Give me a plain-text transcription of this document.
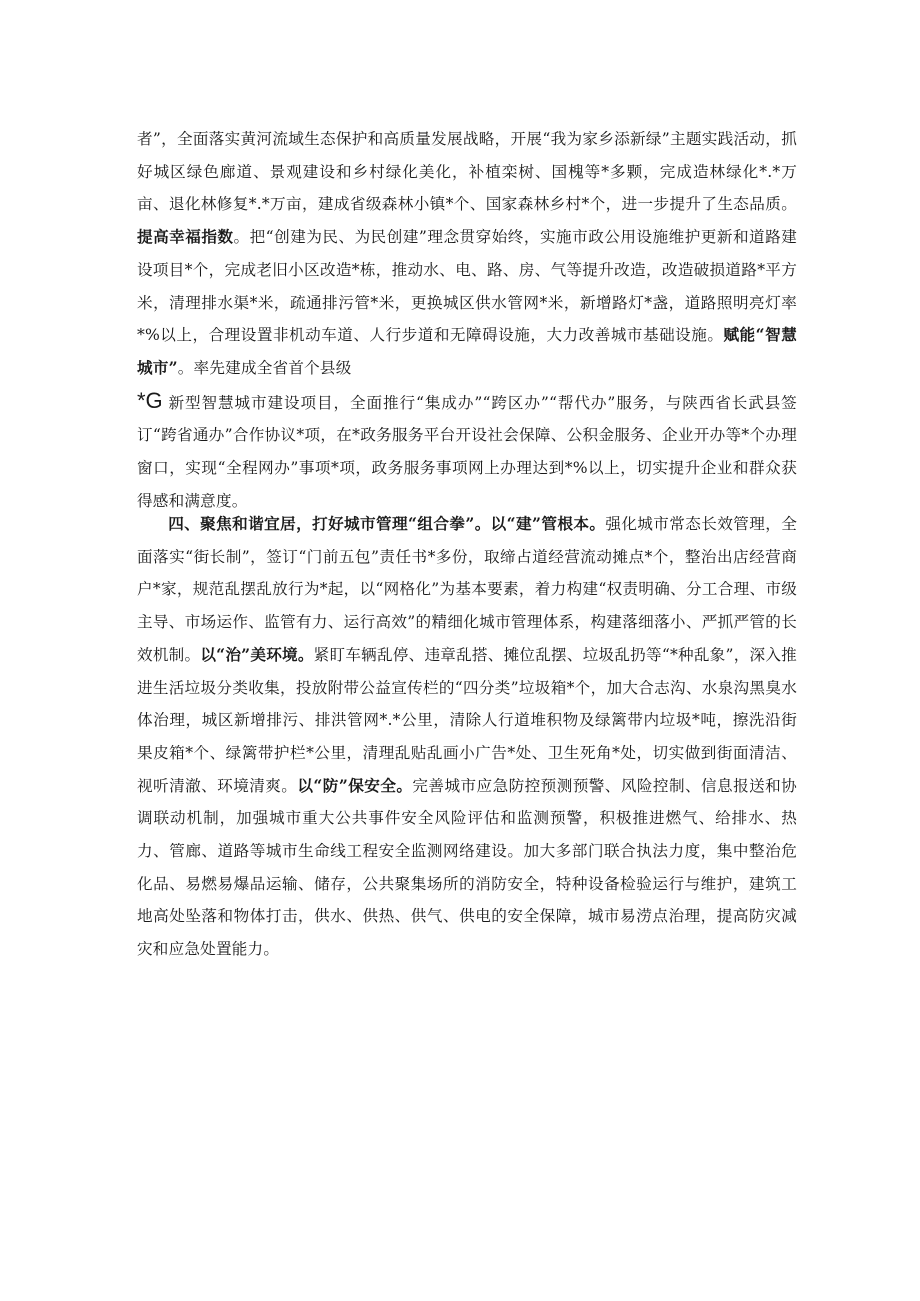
者”，全面落实黄河流域生态保护和高质量发展战略，开展“我为家乡添新绿”主题实践活动，抓好城区绿色廊道、景观建设和乡村绿化美化，补植栾树、国槐等*多颗，完成造林绿化*.*万亩、退化林修复*.*万亩，建成省级森林小镇*个、国家森林乡村*个，进一步提升了生态品质。提高幸福指数。把“创建为民、为民创建”理念贯穿始终，实施市政公用设施维护更新和道路建设项目*个，完成老旧小区改造*栋，推动水、电、路、房、气等提升改造，改造破损道路*平方米，清理排水渠*米，疏通排污管*米，更换城区供水管网*米，新增路灯*盏，道路照明亮灯率*%以上，合理设置非机动车道、人行步道和无障碍设施，大力改善城市基础设施。赋能“智慧城市”。率先建成全省首个县级
*G 新型智慧城市建设项目，全面推行“集成办”“跨区办”“帮代办”服务，与陕西省长武县签订“跨省通办”合作协议*项，在*政务服务平台开设社会保障、公积金服务、企业开办等*个办理窗口，实现“全程网办”事项*项，政务服务事项网上办理达到*%以上，切实提升企业和群众获得感和满意度。
四、聚焦和谐宜居，打好城市管理“组合拳”。以“建”管根本。强化城市常态长效管理，全面落实“街长制”，签订“门前五包”责任书*多份，取缔占道经营流动摊点*个，整治出店经营商户*家，规范乱摆乱放行为*起，以“网格化”为基本要素，着力构建“权责明确、分工合理、市级主导、市场运作、监管有力、运行高效”的精细化城市管理体系，构建落细落小、严抓严管的长效机制。以“治”美环境。紧盯车辆乱停、违章乱搭、摊位乱摆、垃圾乱扔等“*种乱象”，深入推进生活垃圾分类收集，投放附带公益宣传栏的“四分类”垃圾箱*个，加大合志沟、水泉沟黑臭水体治理，城区新增排污、排洪管网*.*公里，清除人行道堆积物及绿篱带内垃圾*吨，擦洗沿街果皮箱*个、绿篱带护栏*公里，清理乱贴乱画小广告*处、卫生死角*处，切实做到街面清洁、视听清澈、环境清爽。以“防”保安全。完善城市应急防控预测预警、风险控制、信息报送和协调联动机制，加强城市重大公共事件安全风险评估和监测预警，积极推进燃气、给排水、热力、管廊、道路等城市生命线工程安全监测网络建设。加大多部门联合执法力度，集中整治危化品、易燃易爆品运输、储存，公共聚集场所的消防安全，特种设备检验运行与维护，建筑工地高处坠落和物体打击，供水、供热、供气、供电的安全保障，城市易涝点治理，提高防灾减灾和应急处置能力。
